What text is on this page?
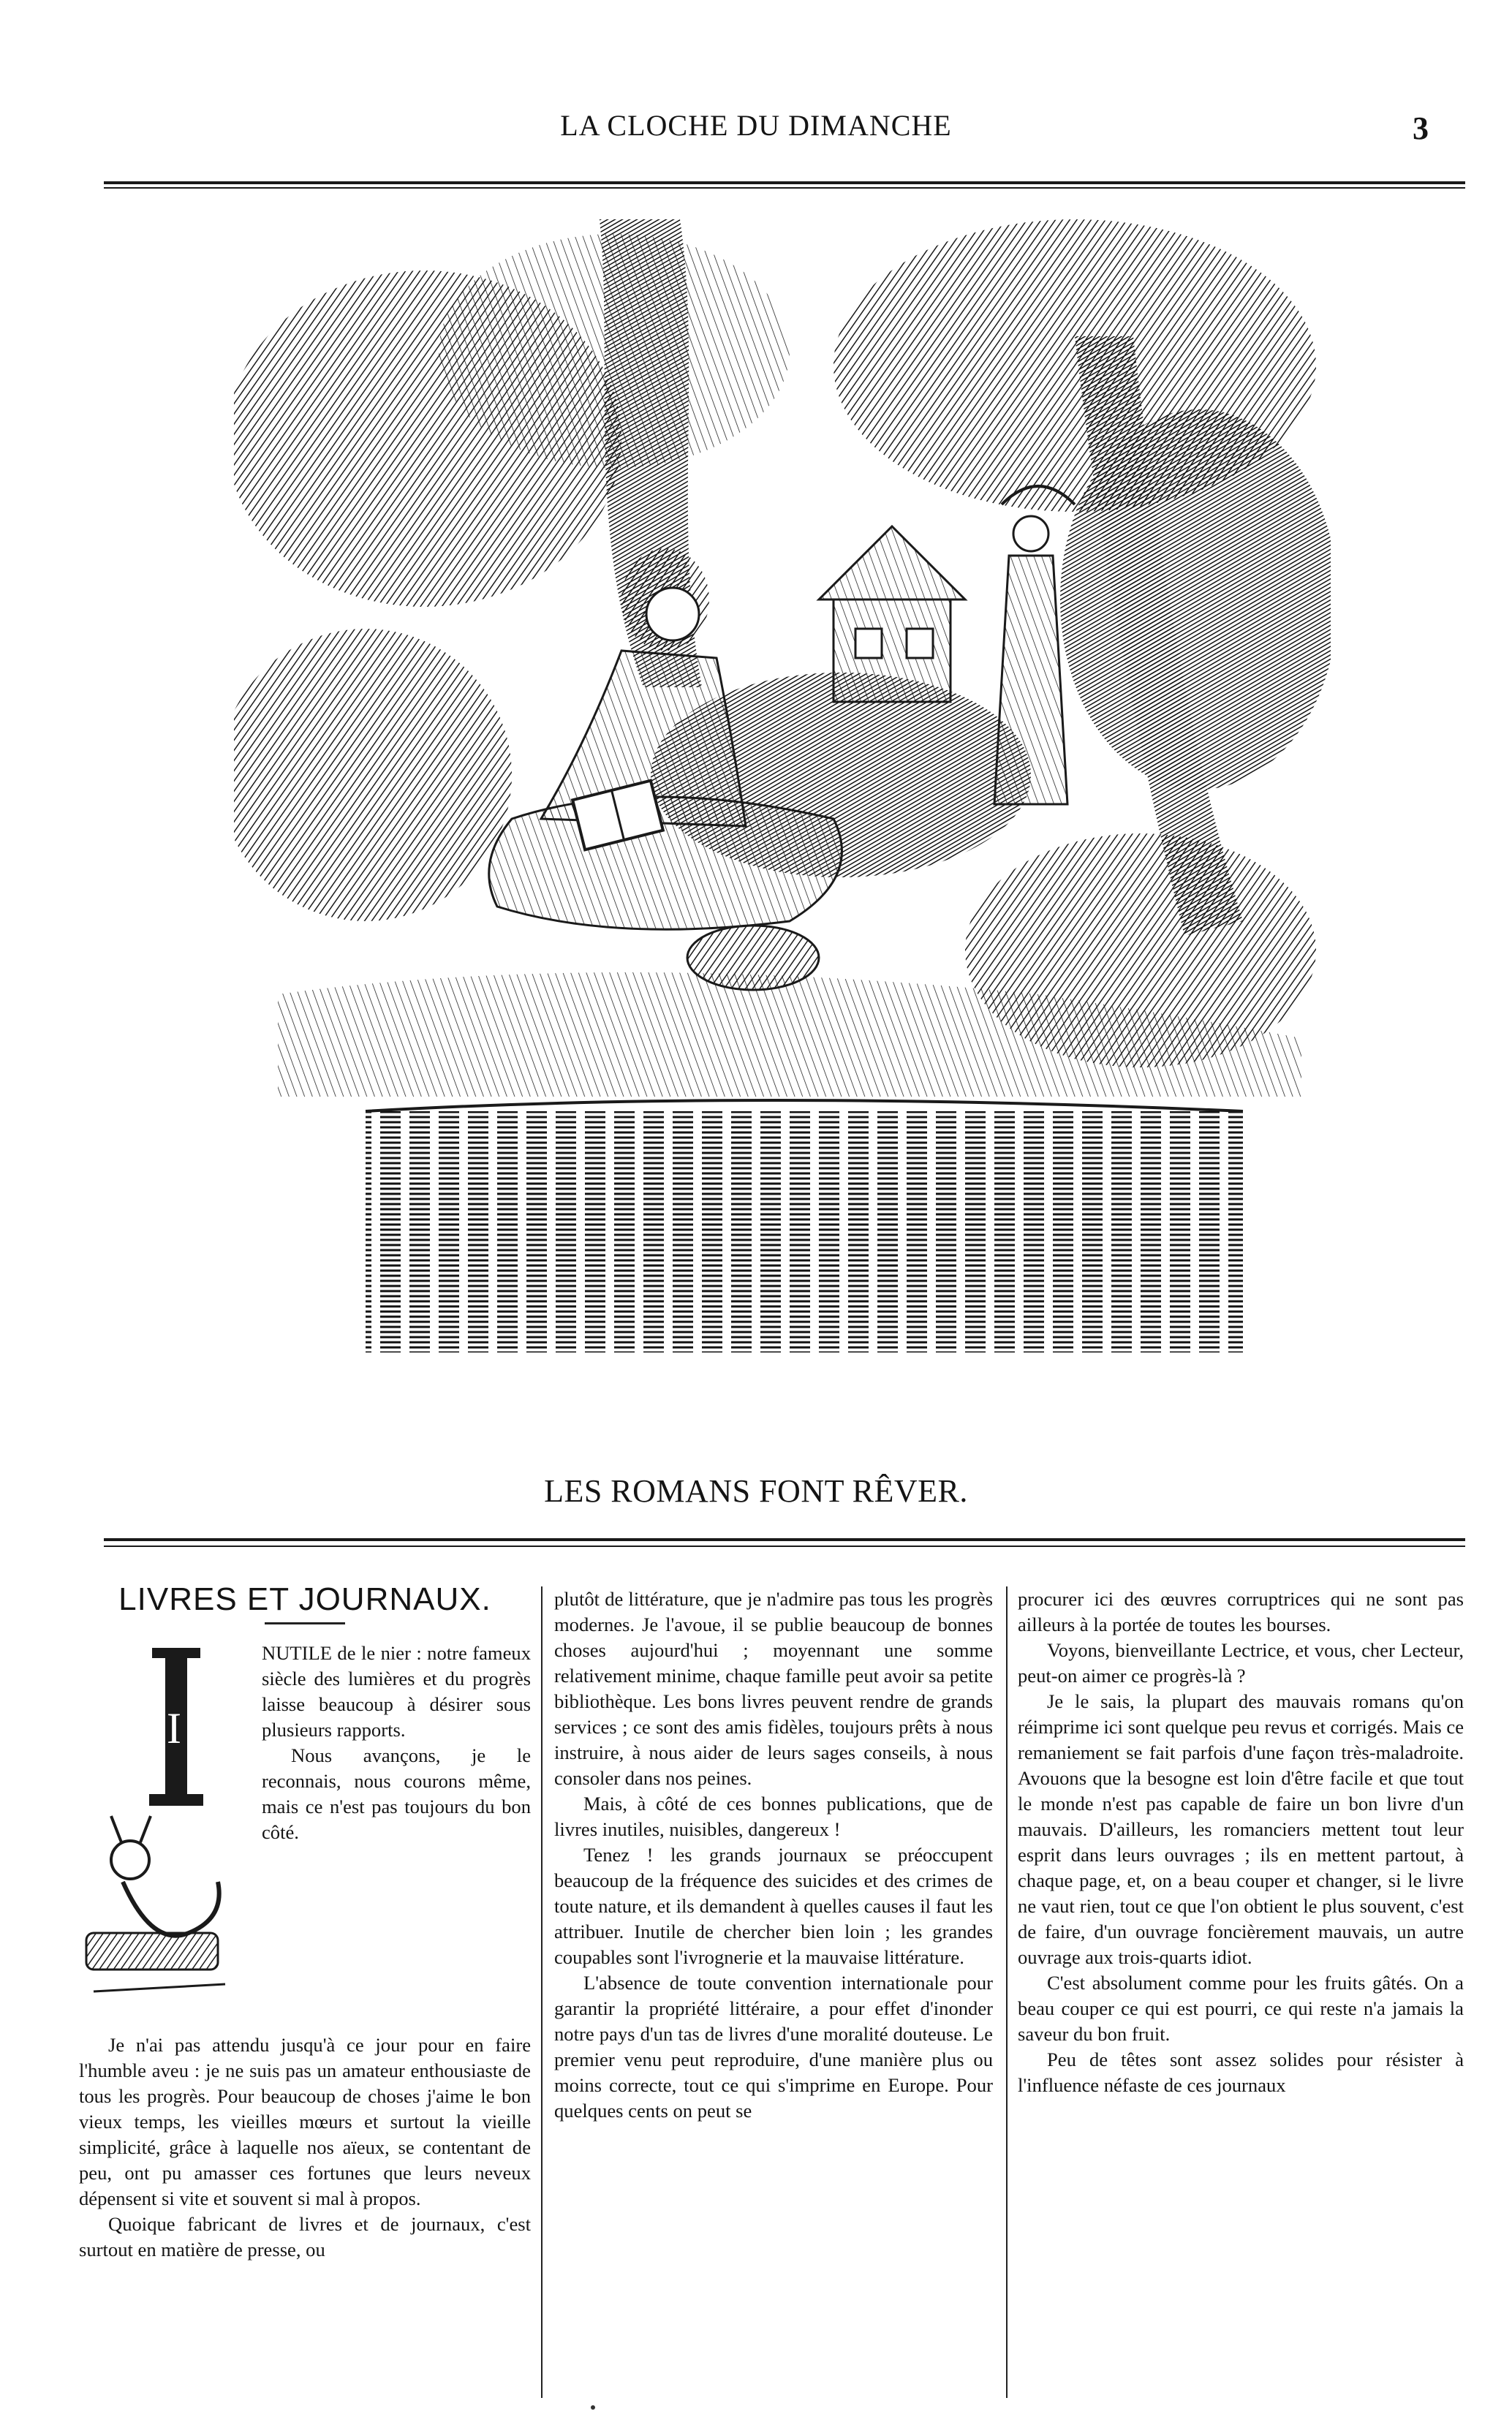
LA CLOCHE DU DIMANCHE	3
LES ROMANS FONT RÊVER.
LIVRES ET JOURNAUX.
I

NUTILE de le nier : notre fameux siècle des lumières et du progrès laisse beaucoup à désirer sous plusieurs rapports.

Nous avançons, je le reconnais, nous courons même, mais ce n'est pas toujours du bon côté.

Je n'ai pas attendu jusqu'à ce jour pour en faire l'humble aveu : je ne suis pas un amateur enthousiaste de tous les progrès. Pour beaucoup de choses j'aime le bon vieux temps, les vieilles mœurs et surtout la vieille simplicité, grâce à laquelle nos aïeux, se contentant de peu, ont pu amasser ces fortunes que leurs neveux dépensent si vite et souvent si mal à propos.

Quoique fabricant de livres et de journaux, c'est surtout en matière de presse, ou

plutôt de littérature, que je n'admire pas tous les progrès modernes. Je l'avoue, il se publie beaucoup de bonnes choses aujourd'hui ; moyennant une somme relativement minime, chaque famille peut avoir sa petite bibliothèque. Les bons livres peuvent rendre de grands services ; ce sont des amis fidèles, toujours prêts à nous instruire, à nous aider de leurs sages conseils, à nous consoler dans nos peines.

Mais, à côté de ces bonnes publications, que de livres inutiles, nuisibles, dangereux !

Tenez ! les grands journaux se préoccupent beaucoup de la fréquence des suicides et des crimes de toute nature, et ils demandent à quelles causes il faut les attribuer. Inutile de chercher bien loin ; les grandes coupables sont l'ivrognerie et la mauvaise littérature.

L'absence de toute convention internationale pour garantir la propriété littéraire, a pour effet d'inonder notre pays d'un tas de livres d'une moralité douteuse. Le premier venu peut reproduire, d'une manière plus ou moins correcte, tout ce qui s'imprime en Europe. Pour quelques cents on peut se

procurer ici des œuvres corruptrices qui ne sont pas ailleurs à la portée de toutes les bourses.

Voyons, bienveillante Lectrice, et vous, cher Lecteur, peut-on aimer ce progrès-là ?

Je le sais, la plupart des mauvais romans qu'on réimprime ici sont quelque peu revus et corrigés. Mais ce remaniement se fait parfois d'une façon très-maladroite. Avouons que la besogne est loin d'être facile et que tout le monde n'est pas capable de faire un bon livre d'un mauvais. D'ailleurs, les romanciers mettent tout leur esprit dans leurs ouvrages ; ils en mettent partout, à chaque page, et, on a beau couper et changer, si le livre ne vaut rien, tout ce que l'on obtient le plus souvent, c'est de faire, d'un ouvrage foncièrement mauvais, un autre ouvrage aux trois-quarts idiot.

C'est absolument comme pour les fruits gâtés. On a beau couper ce qui est pourri, ce qui reste n'a jamais la saveur du bon fruit.

Peu de têtes sont assez solides pour résister à l'influence néfaste de ces journaux
